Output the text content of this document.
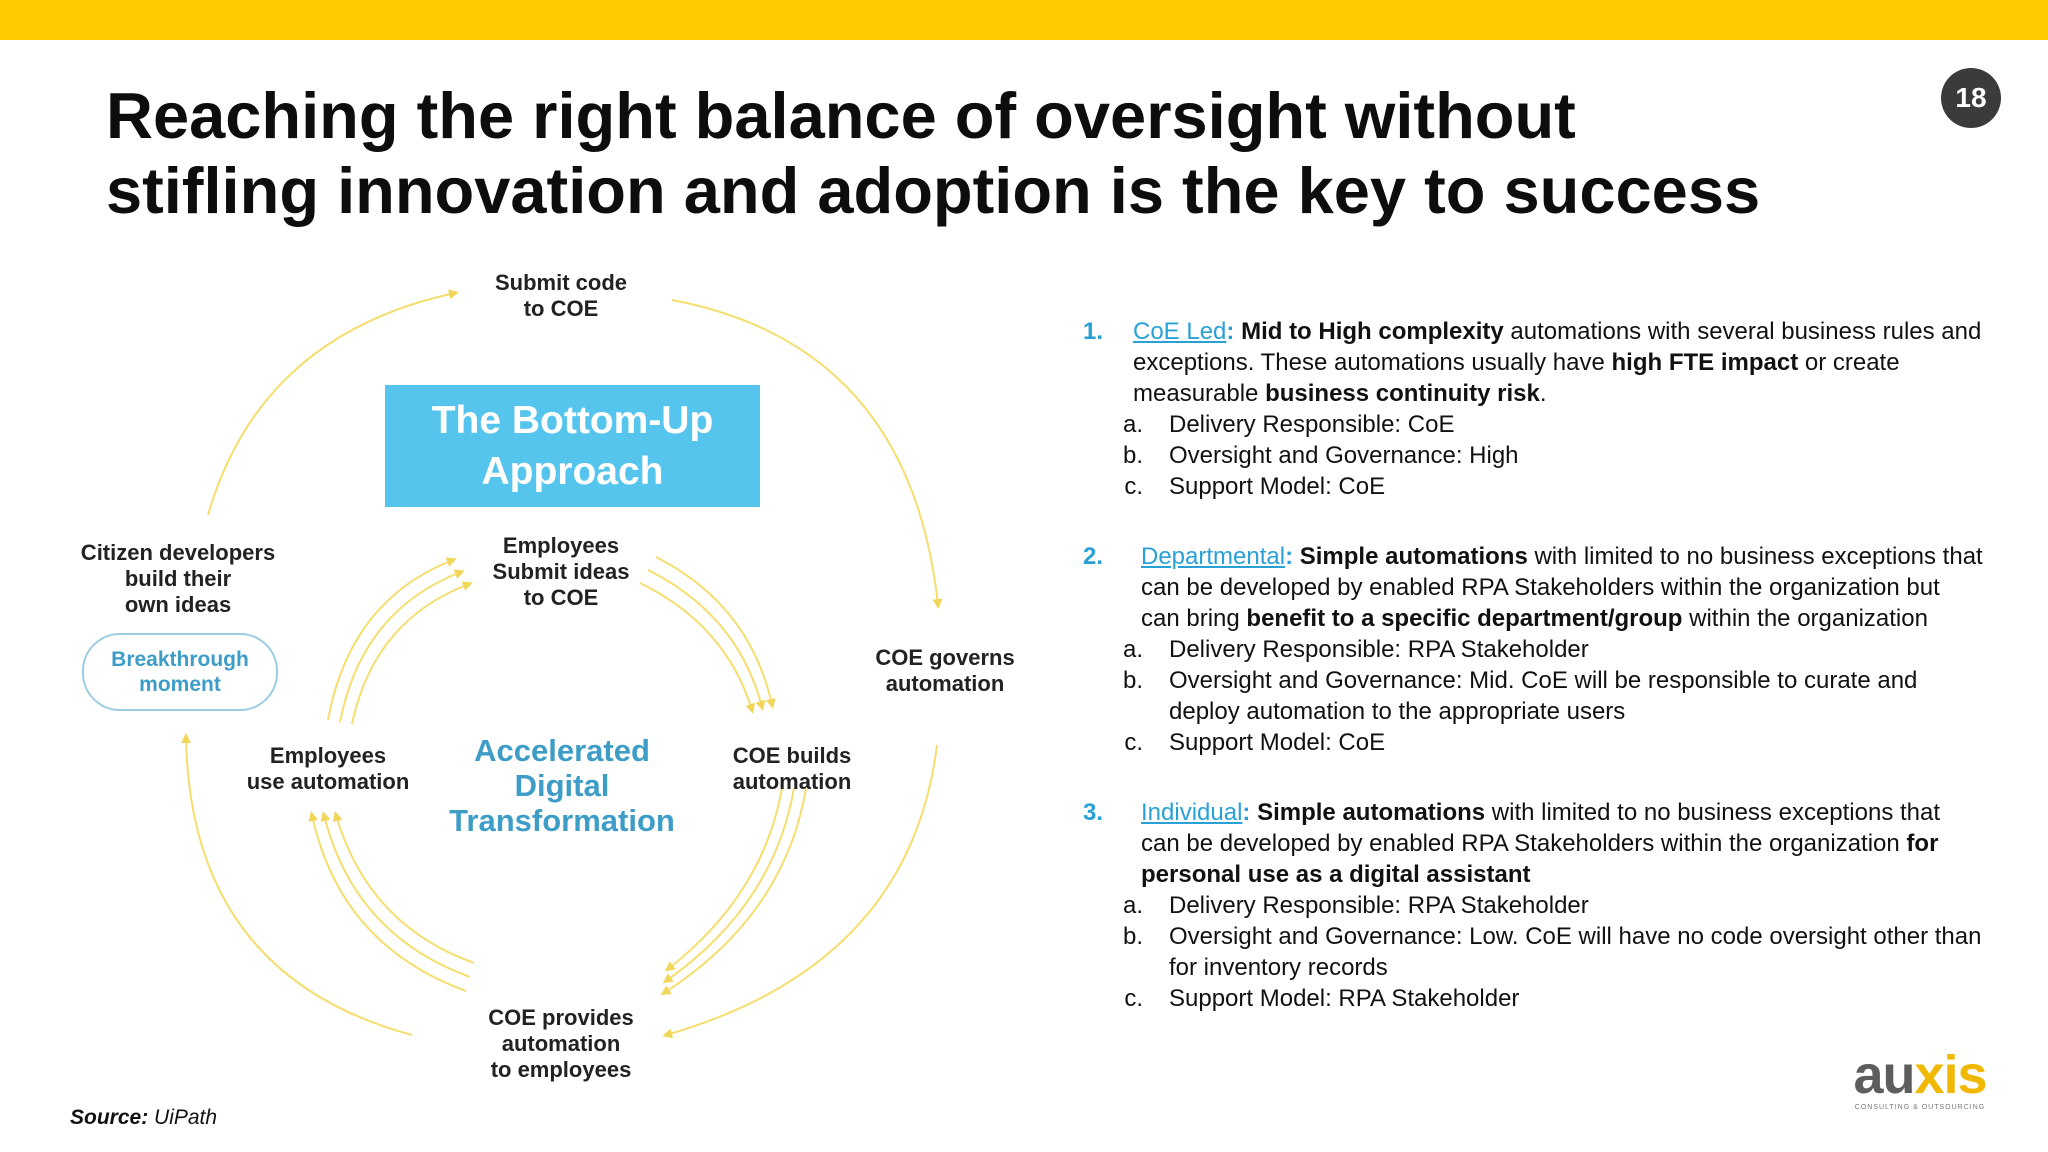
18
Reaching the right balance of oversight without
stifling innovation and adoption is the key to success
Submit code
to COE
COE governs
automation
COE provides
automation
to employees
Citizen developers
build their
own ideas
Employees
Submit ideas
to COE
Employees
use automation
COE builds
automation
The Bottom-Up
Approach
Breakthrough
moment
Accelerated
Digital
Transformation
Source: UiPath
1. CoE Led: Mid to High complexity automations with several business rules and exceptions. These automations usually have high FTE impact or create measurable business continuity risk.
a.	Delivery Responsible: CoE
b.	Oversight and Governance: High
c.	Support Model: CoE
2.	Departmental: Simple automations with limited to no business exceptions that can be developed by enabled RPA Stakeholders within the organization but can bring benefit to a specific department/group within the organization
a.	Delivery Responsible: RPA Stakeholder
b.	Oversight and Governance: Mid. CoE will be responsible to curate and deploy automation to the appropriate users
c.	Support Model: CoE
3.	Individual: Simple automations with limited to no business exceptions that can be developed by enabled RPA Stakeholders within the organization for personal use as a digital assistant
a.	Delivery Responsible: RPA Stakeholder
b.	Oversight and Governance: Low. CoE will have no code oversight other than for inventory records
c.	Support Model: RPA Stakeholder
auxis
CONSULTING & OUTSOURCING
